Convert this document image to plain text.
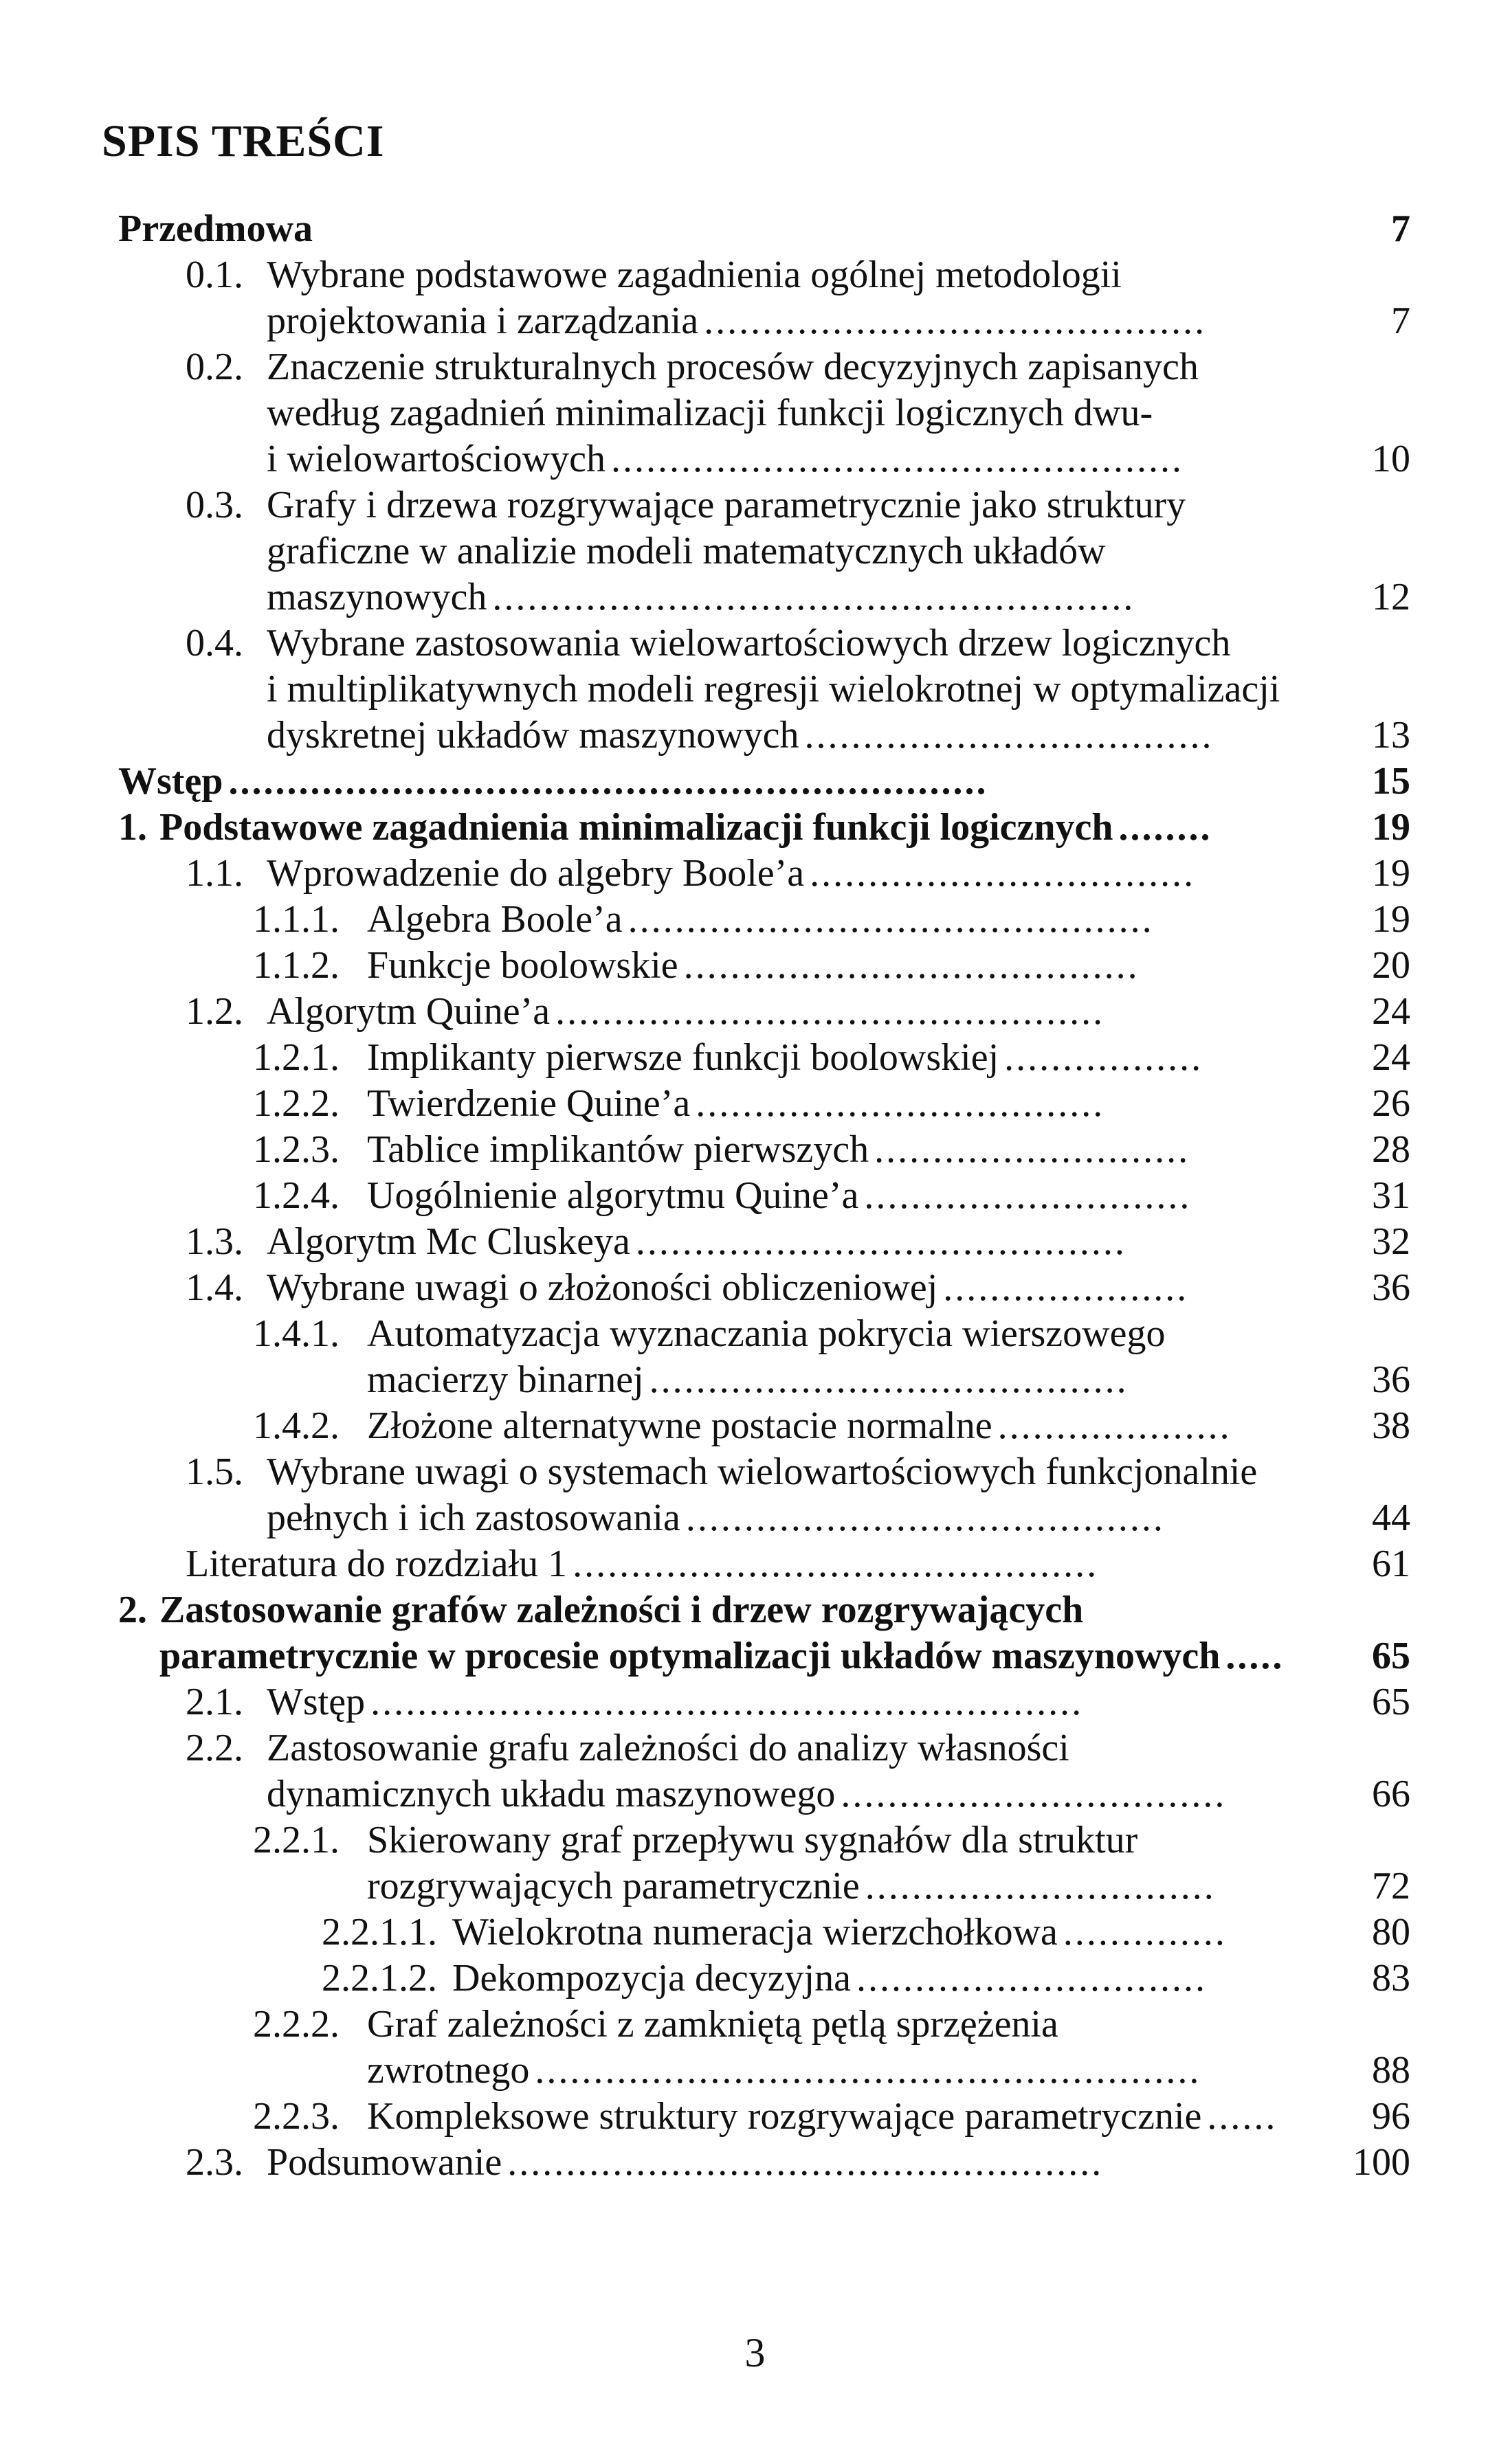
SPIS TREŚCI
Przedmowa	7
0.1. Wybrane podstawowe zagadnienia ogólnej metodologii
projektowania i zarządzania ...........................................	7
0.2. Znaczenie strukturalnych procesów decyzyjnych zapisanych
według zagadnień minimalizacji funkcji logicznych dwu-
i wielowartościowych .................................................	10
0.3. Grafy i drzewa rozgrywające parametrycznie jako struktury
graficzne w analizie modeli matematycznych układów
maszynowych .......................................................	12
0.4. Wybrane zastosowania wielowartościowych drzew logicznych
i multiplikatywnych modeli regresji wielokrotnej w optymalizacji
dyskretnej układów maszynowych ...................................	13
Wstęp .................................................................	15
1. Podstawowe zagadnienia minimalizacji funkcji logicznych ........	19
1.1. Wprowadzenie do algebry Boole’a .................................	19
1.1.1. Algebra Boole’a .............................................	19
1.1.2. Funkcje boolowskie .......................................	20
1.2. Algorytm Quine’a ...............................................	24
1.2.1. Implikanty pierwsze funkcji boolowskiej .................	24
1.2.2. Twierdzenie Quine’a ...................................	26
1.2.3. Tablice implikantów pierwszych ...........................	28
1.2.4. Uogólnienie algorytmu Quine’a ............................	31
1.3. Algorytm Mc Cluskeya ..........................................	32
1.4. Wybrane uwagi o złożoności obliczeniowej .....................	36
1.4.1. Automatyzacja wyznaczania pokrycia wierszowego
macierzy binarnej .........................................	36
1.4.2. Złożone alternatywne postacie normalne ....................	38
1.5. Wybrane uwagi o systemach wielowartościowych funkcjonalnie
pełnych i ich zastosowania .........................................	44
Literatura do rozdziału 1 .............................................	61
2. Zastosowanie grafów zależności i drzew rozgrywających
parametrycznie w procesie optymalizacji układów maszynowych ..... 65
2.1. Wstęp .............................................................	65
2.2. Zastosowanie grafu zależności do analizy własności
dynamicznych układu maszynowego .................................	66
2.2.1. Skierowany graf przepływu sygnałów dla struktur
rozgrywających parametrycznie ..............................	72
2.2.1.1. Wielokrotna numeracja wierzchołkowa ..............	80
2.2.1.2. Dekompozycja decyzyjna ..............................	83
2.2.2. Graf zależności z zamkniętą pętlą sprzężenia
zwrotnego .........................................................	88
2.2.3. Kompleksowe struktury rozgrywające parametrycznie ...... 96
2.3. Podsumowanie ...................................................	100
3
